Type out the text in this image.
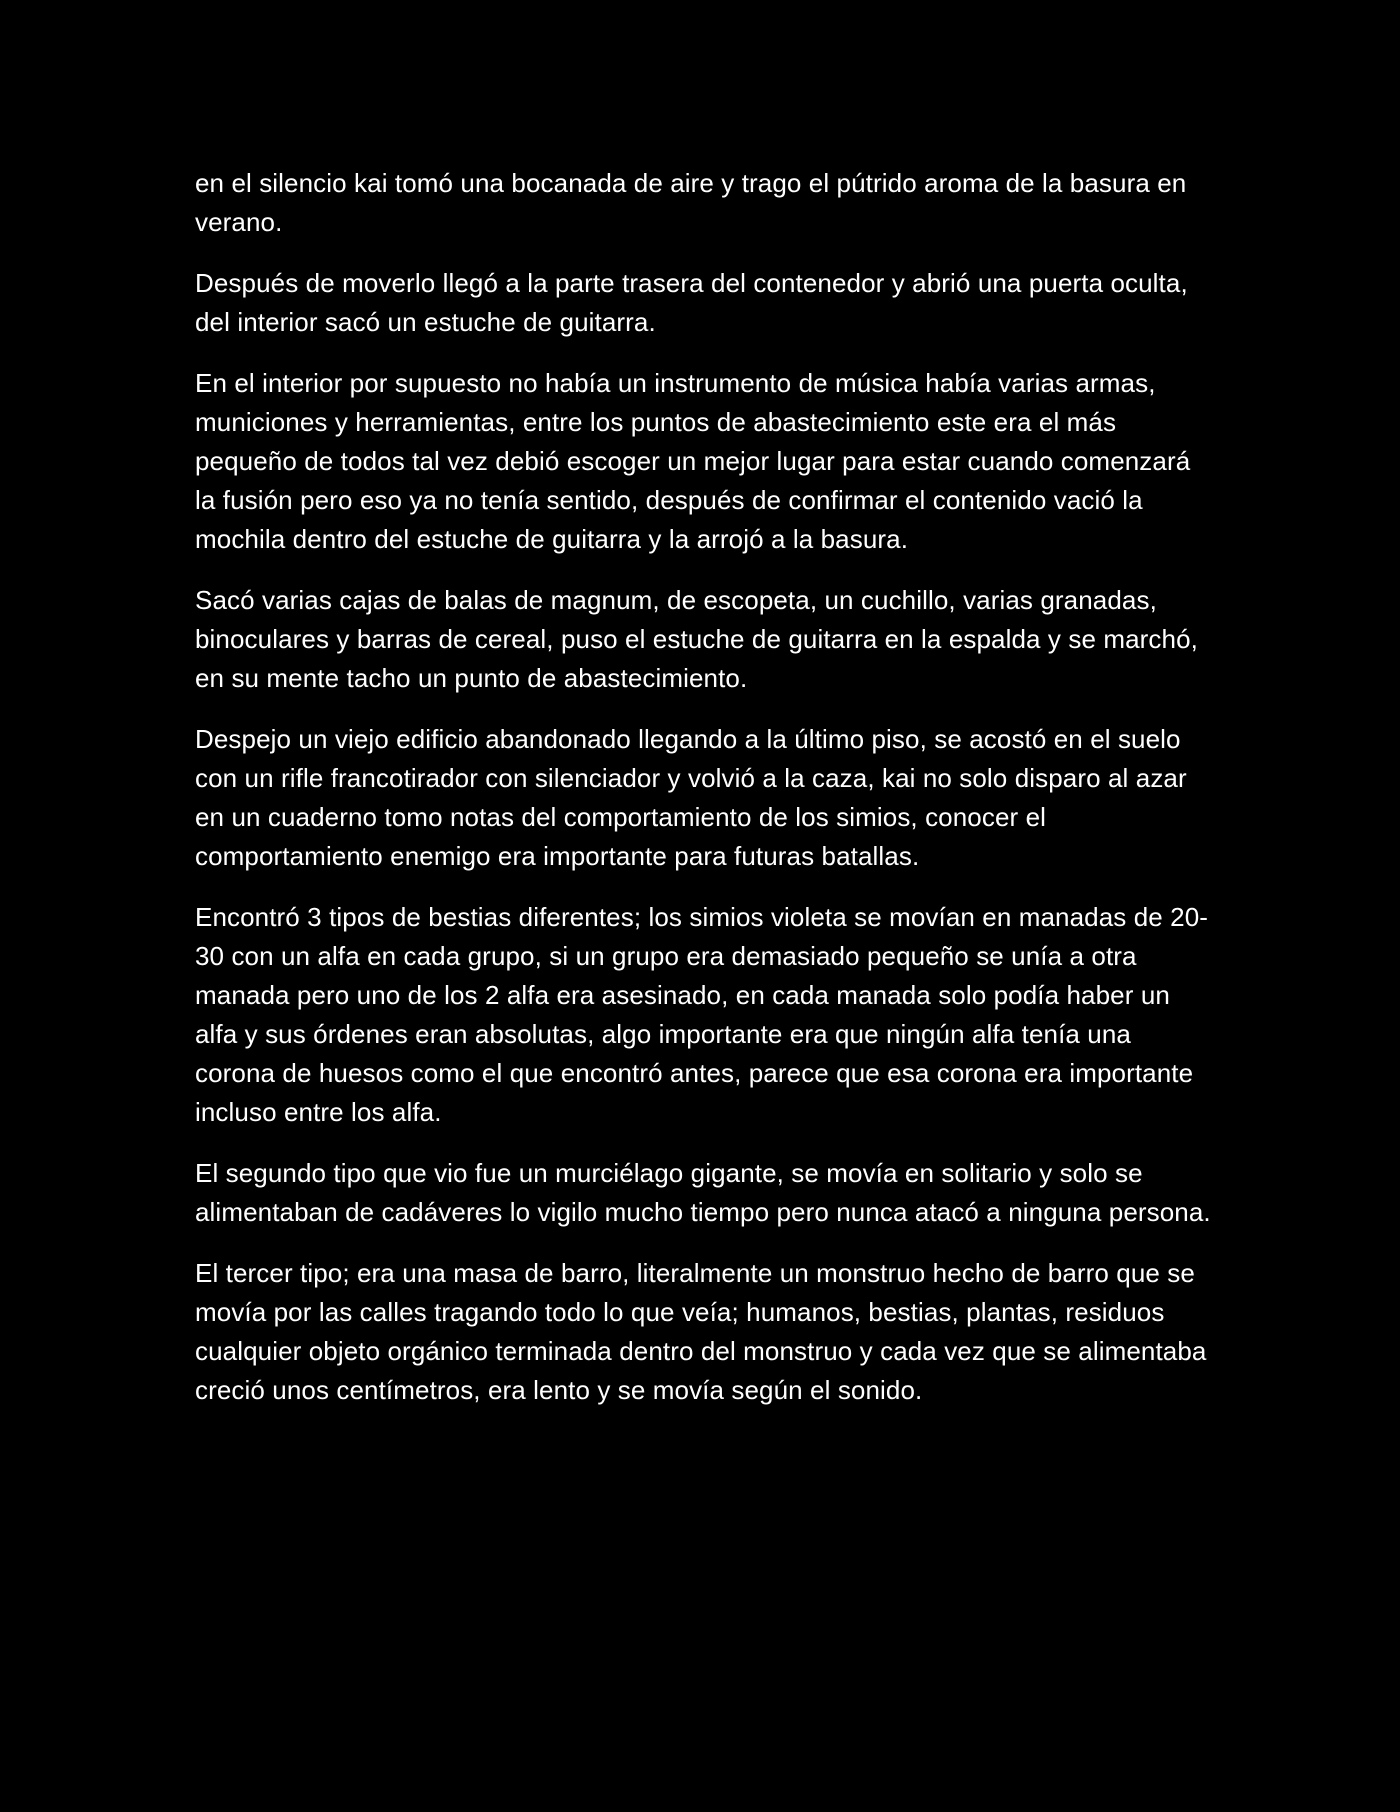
en el silencio kai tomó una bocanada de aire y trago el pútrido aroma de la basura en verano.

Después de moverlo llegó a la parte trasera del contenedor y abrió una puerta oculta, del interior sacó un estuche de guitarra.

En el interior por supuesto no había un instrumento de música había varias armas, municiones y herramientas, entre los puntos de abastecimiento este era el más pequeño de todos tal vez debió escoger un mejor lugar para estar cuando comenzará la fusión pero eso ya no tenía sentido, después de confirmar el contenido vació la mochila dentro del estuche de guitarra y la arrojó a la basura.

Sacó varias cajas de balas de magnum, de escopeta, un cuchillo, varias granadas, binoculares y barras de cereal, puso el estuche de guitarra en la espalda y se marchó, en su mente tacho un punto de abastecimiento.

Despejo un viejo edificio abandonado llegando a la último piso, se acostó en el suelo con un rifle francotirador con silenciador y volvió a la caza, kai no solo disparo al azar en un cuaderno tomo notas del comportamiento de los simios, conocer el comportamiento enemigo era importante para futuras batallas.

Encontró 3 tipos de bestias diferentes; los simios violeta se movían en manadas de 20-30 con un alfa en cada grupo, si un grupo era demasiado pequeño se unía a otra manada pero uno de los 2 alfa era asesinado, en cada manada solo podía haber un alfa y sus órdenes eran absolutas, algo importante era que ningún alfa tenía una corona de huesos como el que encontró antes, parece que esa corona era importante incluso entre los alfa.

El segundo tipo que vio fue un murciélago gigante, se movía en solitario y solo se alimentaban de cadáveres lo vigilo mucho tiempo pero nunca atacó a ninguna persona.

El tercer tipo; era una masa de barro, literalmente un monstruo hecho de barro que se movía por las calles tragando todo lo que veía; humanos, bestias, plantas, residuos cualquier objeto orgánico terminada dentro del monstruo y cada vez que se alimentaba creció unos centímetros, era lento y se movía según el sonido.
